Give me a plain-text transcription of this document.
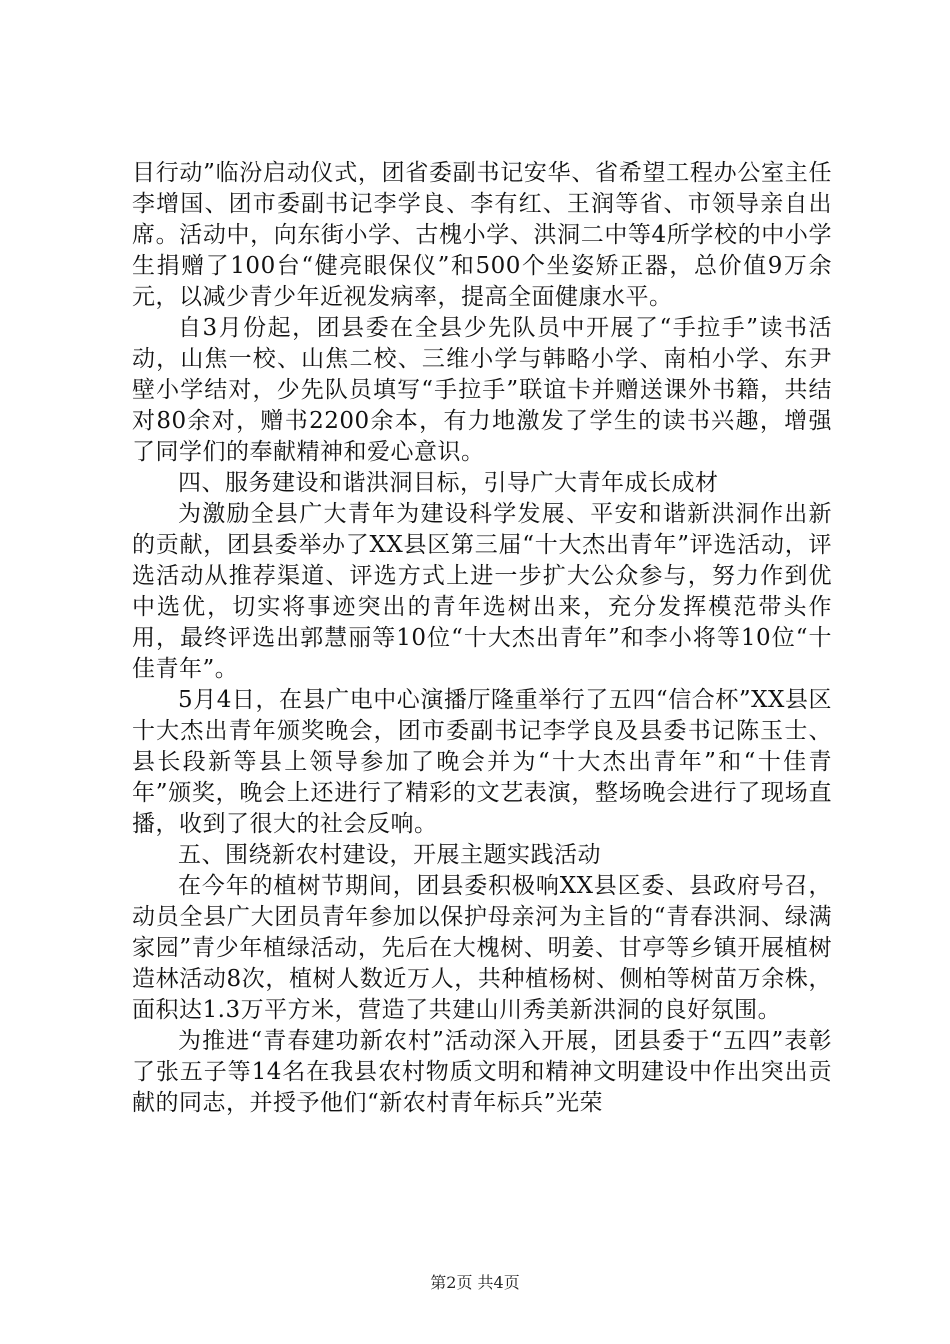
目行动”临汾启动仪式，团省委副书记安华、省希望工程办公室主任李增国、团市委副书记李学良、李有红、王润等省、市领导亲自出席。活动中，向东街小学、古槐小学、洪洞二中等4所学校的中小学生捐赠了100台“健亮眼保仪”和500个坐姿矫正器，总价值9万余元，以减少青少年近视发病率，提高全面健康水平。

自3月份起，团县委在全县少先队员中开展了“手拉手”读书活动，山焦一校、山焦二校、三维小学与韩略小学、南柏小学、东尹壁小学结对，少先队员填写“手拉手”联谊卡并赠送课外书籍，共结对80余对，赠书2200余本，有力地激发了学生的读书兴趣，增强了同学们的奉献精神和爱心意识。

四、服务建设和谐洪洞目标，引导广大青年成长成材

为激励全县广大青年为建设科学发展、平安和谐新洪洞作出新的贡献，团县委举办了XX县区第三届“十大杰出青年”评选活动，评选活动从推荐渠道、评选方式上进一步扩大公众参与，努力作到优中选优，切实将事迹突出的青年选树出来，充分发挥模范带头作用，最终评选出郭慧丽等10位“十大杰出青年”和李小将等10位“十佳青年”。

5月4日，在县广电中心演播厅隆重举行了五四“信合杯”XX县区十大杰出青年颁奖晚会，团市委副书记李学良及县委书记陈玉士、县长段新等县上领导参加了晚会并为“十大杰出青年”和“十佳青年”颁奖，晚会上还进行了精彩的文艺表演，整场晚会进行了现场直播，收到了很大的社会反响。

五、围绕新农村建设，开展主题实践活动

在今年的植树节期间，团县委积极响XX县区委、县政府号召，动员全县广大团员青年参加以保护母亲河为主旨的“青春洪洞、绿满家园”青少年植绿活动，先后在大槐树、明姜、甘亭等乡镇开展植树造林活动8次，植树人数近万人，共种植杨树、侧柏等树苗万余株，面积达1.3万平方米，营造了共建山川秀美新洪洞的良好氛围。

为推进“青春建功新农村”活动深入开展，团县委于“五四”表彰了张五子等14名在我县农村物质文明和精神文明建设中作出突出贡献的同志，并授予他们“新农村青年标兵”光荣

第2页 共4页
